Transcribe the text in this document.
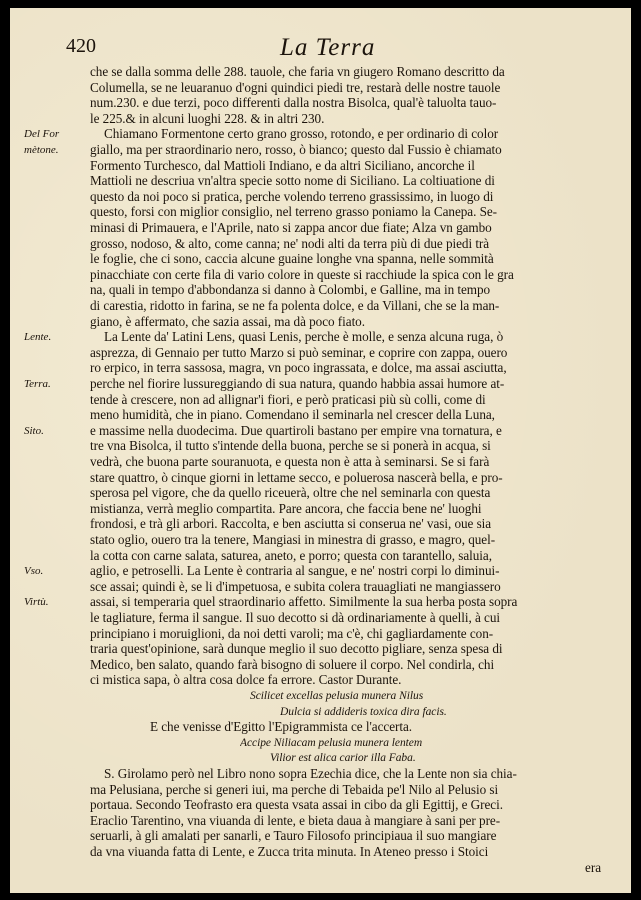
420	La Terra
che se dalla somma delle 288. tauole, che faria vn giugero Romano descritto da
Columella, se ne leuaranuo d'ogni quindici piedi tre, restarà delle nostre tauole
num.230. e due terzi, poco differenti dalla nostra Bisolca, qual'è taluolta tauo-
le 225.& in alcuni luoghi 228. & in altri 230.
Chiamano Formentone certo grano grosso, rotondo, e per ordinario di color
giallo, ma per straordinario nero, rosso, ò bianco; questo dal Fussio è chiamato
Formento Turchesco, dal Mattioli Indiano, e da altri Siciliano, ancorche il
Mattioli ne descriua vn'altra specie sotto nome di Siciliano. La coltiuatione di
questo da noi poco si pratica, perche volendo terreno grassissimo, in luogo di
questo, forsi con miglior consiglio, nel terreno grasso poniamo la Canepa. Se-
minasi di Primauera, e l'Aprile, nato si zappa ancor due fiate; Alza vn gambo
grosso, nodoso, & alto, come canna; ne' nodi alti da terra più di due piedi trà
le foglie, che ci sono, caccia alcune guaine longhe vna spanna, nelle sommità
pinacchiate con certe fila di vario colore in queste si racchiude la spica con le gra
na, quali in tempo d'abbondanza si danno à Colombi, e Galline, ma in tempo
di carestia, ridotto in farina, se ne fa polenta dolce, e da Villani, che se la man-
giano, è affermato, che sazia assai, ma dà poco fiato.
La Lente da' Latini Lens, quasi Lenis, perche è molle, e senza alcuna ruga, ò
asprezza, di Gennaio per tutto Marzo si può seminar, e coprire con zappa, ouero
ro erpico, in terra sassosa, magra, vn poco ingrassata, e dolce, ma assai asciutta,
perche nel fiorire lussureggiando di sua natura, quando habbia assai humore at-
tende à crescere, non ad allignar'i fiori, e però praticasi più sù colli, come di
meno humidità, che in piano. Comendano il seminarla nel crescer della Luna,
e massime nella duodecima. Due quartiroli bastano per empire vna tornatura, e
tre vna Bisolca, il tutto s'intende della buona, perche se si ponerà in acqua, si
vedrà, che buona parte souranuota, e questa non è atta à seminarsi. Se si farà
stare quattro, ò cinque giorni in lettame secco, e poluerosa nascerà bella, e pro-
sperosa pel vigore, che da quello riceuerà, oltre che nel seminarla con questa
mistianza, verrà meglio compartita. Pare ancora, che faccia bene ne' luoghi
frondosi, e trà gli arbori. Raccolta, e ben asciutta si conserua ne' vasi, oue sia
stato oglio, ouero tra la tenere, Mangiasi in minestra di grasso, e magro, quel-
la cotta con carne salata, saturea, aneto, e porro; questa con tarantello, saluia,
aglio, e petroselli. La Lente è contraria al sangue, e ne' nostri corpi lo diminui-
sce assai; quindi è, se li d'impetuosa, e subita colera trauagliati ne mangiassero
assai, si temperaria quel straordinario affetto. Similmente la sua herba posta sopra
le tagliature, ferma il sangue. Il suo decotto si dà ordinariamente à quelli, à cui
principiano i moruiglioni, da noi detti varoli; ma c'è, chi gagliardamente con-
traria quest'opinione, sarà dunque meglio il suo decotto pigliare, senza spesa di
Medico, ben salato, quando farà bisogno di soluere il corpo. Nel condirla, chi
ci mistica sapa, ò altra cosa dolce fa errore. Castor Durante.
Scilicet excellas pelusia munera Nilus
Dulcia si addideris toxica dira facis.
E che venisse d'Egitto l'Epigrammista ce l'accerta.
Accipe Niliacam pelusia munera lentem
Vilior est alica carior illa Faba.
S. Girolamo però nel Libro nono sopra Ezechia dice, che la Lente non sia chia-
ma Pelusiana, perche si generi iui, ma perche di Tebaida pe'l Nilo al Pelusio si
portaua. Secondo Teofrasto era questa vsata assai in cibo da gli Egittij, e Greci.
Eraclio Tarentino, vna viuanda di lente, e bieta daua à mangiare à sani per pre-
seruarli, à gli amalati per sanarli, e Tauro Filosofo principiaua il suo mangiare
da vna viuanda fatta di Lente, e Zucca trita minuta. In Ateneo presso i Stoici
era
Del For
mètone.
Lente.
Terra.
Sito.
Vso.
Virtù.
